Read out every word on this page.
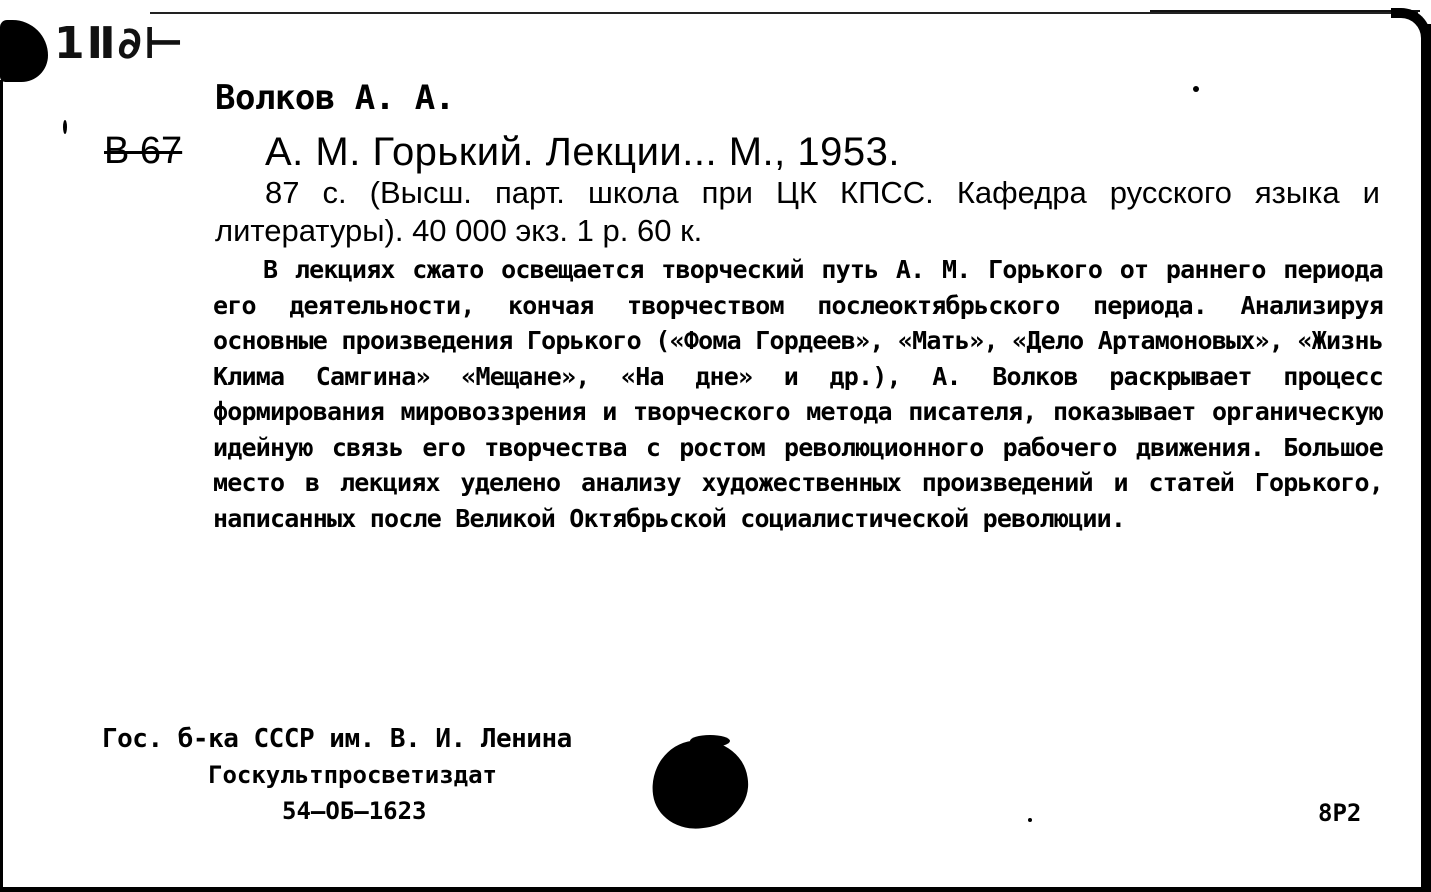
1Ⅱ∂⊢
Волков А. А.
В 67 А. М. Горький. Лекции... М., 1953.

87 с. (Высш. парт. школа при ЦК КПСС. Кафедра русского языка и литературы). 40 000 экз. 1 р. 60 к.

В лекциях сжато освещается творческий путь А. М. Горького от раннего периода его деятельности, кончая творчеством послеоктябрьского периода. Анализируя основные произведения Горького («Фома Гордеев», «Мать», «Дело Артамоновых», «Жизнь Клима Самгина» «Мещане», «На дне» и др.), А. Волков раскрывает процесс формирования мировоззрения и творческого метода писателя, показывает органическую идейную связь его творчества с ростом революционного рабочего движения. Большое место в лекциях уделено анализу художественных произведений и статей Горького, написанных после Великой Октябрьской социалистической революции.

Гос. б-ка СССР им. В. И. Ленина
Госкультпросветиздат
54—ОБ—1623	8Р2
